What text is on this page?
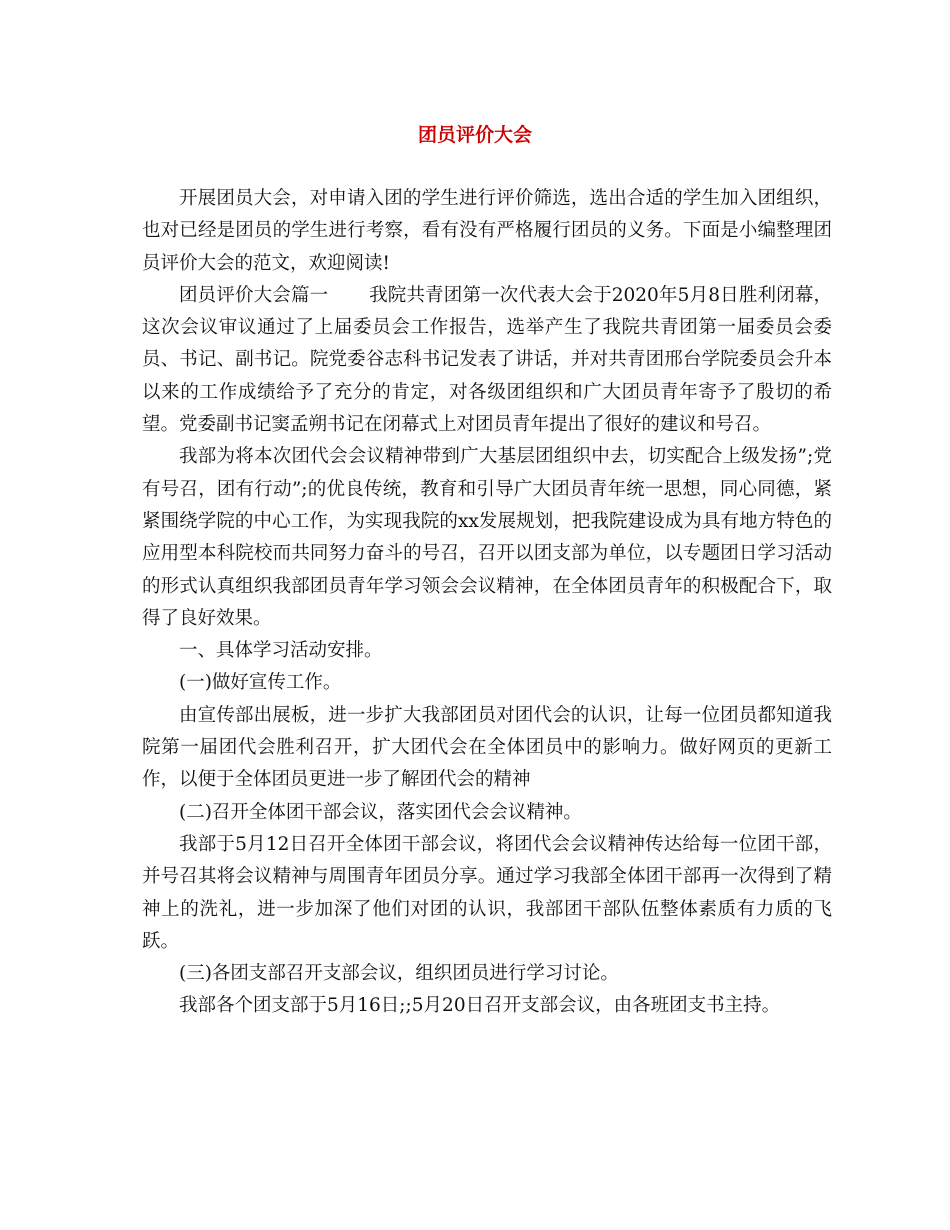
团员评价大会

开展团员大会，对申请入团的学生进行评价筛选，选出合适的学生加入团组织，也对已经是团员的学生进行考察，看有没有严格履行团员的义务。下面是小编整理团员评价大会的范文，欢迎阅读!

团员评价大会篇一 我院共青团第一次代表大会于2020年5月8日胜利闭幕，这次会议审议通过了上届委员会工作报告，选举产生了我院共青团第一届委员会委员、书记、副书记。院党委谷志科书记发表了讲话，并对共青团邢台学院委员会升本以来的工作成绩给予了充分的肯定，对各级团组织和广大团员青年寄予了殷切的希望。党委副书记窦孟朔书记在闭幕式上对团员青年提出了很好的建议和号召。

我部为将本次团代会会议精神带到广大基层团组织中去，切实配合上级发扬”;党有号召，团有行动”;的优良传统，教育和引导广大团员青年统一思想，同心同德，紧紧围绕学院的中心工作，为实现我院的xx发展规划，把我院建设成为具有地方特色的应用型本科院校而共同努力奋斗的号召，召开以团支部为单位，以专题团日学习活动的形式认真组织我部团员青年学习领会会议精神，在全体团员青年的积极配合下，取得了良好效果。

一、具体学习活动安排。

(一)做好宣传工作。

由宣传部出展板，进一步扩大我部团员对团代会的认识，让每一位团员都知道我院第一届团代会胜利召开，扩大团代会在全体团员中的影响力。做好网页的更新工作，以便于全体团员更进一步了解团代会的精神

(二)召开全体团干部会议，落实团代会会议精神。

我部于5月12日召开全体团干部会议，将团代会会议精神传达给每一位团干部，并号召其将会议精神与周围青年团员分享。通过学习我部全体团干部再一次得到了精神上的洗礼，进一步加深了他们对团的认识，我部团干部队伍整体素质有力质的飞跃。

(三)各团支部召开支部会议，组织团员进行学习讨论。

我部各个团支部于5月16日;;5月20日召开支部会议，由各班团支书主持。
